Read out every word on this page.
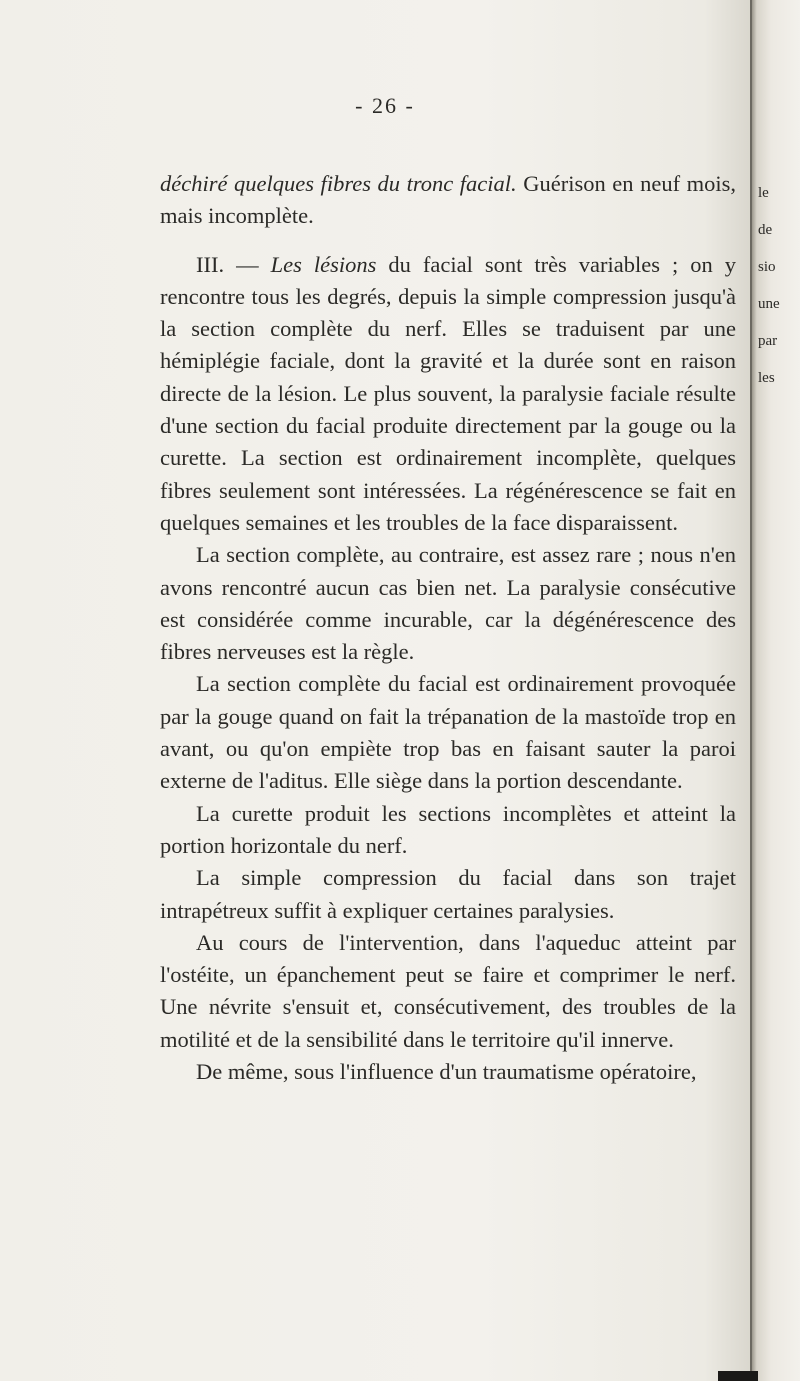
le
de
sio
une
par
les
- 26 -

déchiré quelques fibres du tronc facial. Guérison en neuf mois, mais incomplète.

III. — Les lésions du facial sont très variables ; on y rencontre tous les degrés, depuis la simple compression jusqu'à la section complète du nerf. Elles se traduisent par une hémiplégie faciale, dont la gravité et la durée sont en raison directe de la lésion. Le plus souvent, la paralysie faciale résulte d'une section du facial produite directement par la gouge ou la curette. La section est ordinairement incomplète, quelques fibres seulement sont intéressées. La régénérescence se fait en quelques semaines et les troubles de la face disparaissent.

La section complète, au contraire, est assez rare ; nous n'en avons rencontré aucun cas bien net. La paralysie consécutive est considérée comme incurable, car la dégénérescence des fibres nerveuses est la règle.

La section complète du facial est ordinairement provoquée par la gouge quand on fait la trépanation de la mastoïde trop en avant, ou qu'on empiète trop bas en faisant sauter la paroi externe de l'aditus. Elle siège dans la portion descendante.

La curette produit les sections incomplètes et atteint la portion horizontale du nerf.

La simple compression du facial dans son trajet intrapétreux suffit à expliquer certaines paralysies.

Au cours de l'intervention, dans l'aqueduc atteint par l'ostéite, un épanchement peut se faire et comprimer le nerf. Une névrite s'ensuit et, consécutivement, des troubles de la motilité et de la sensibilité dans le territoire qu'il innerve.

De même, sous l'influence d'un traumatisme opératoire,
